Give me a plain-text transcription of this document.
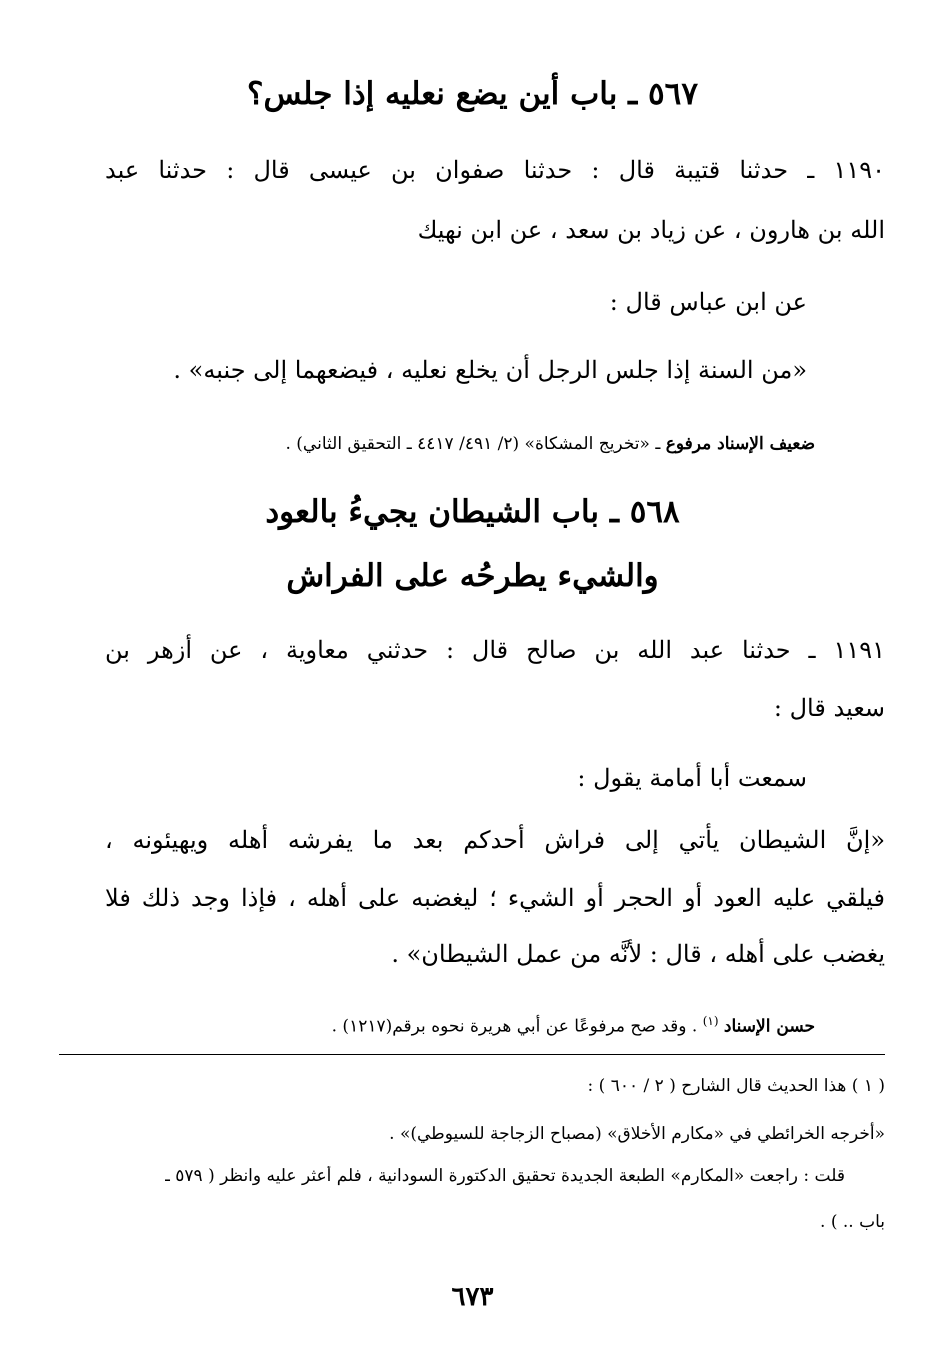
٥٦٧ ـ باب أين يضع نعليه إذا جلس؟
١١٩٠ ـ حدثنا قتيبة قال : حدثنا صفوان بن عيسى قال : حدثنا عبد
الله بن هارون ، عن زياد بن سعد ، عن ابن نهيك
عن ابن عباس قال :
«من السنة إذا جلس الرجل أن يخلع نعليه ، فيضعهما إلى جنبه» .
ضعيف الإسناد مرفوع ـ «تخريج المشكاة» (٢/ ٤٩١/ ٤٤١٧ ـ التحقيق الثاني) .
٥٦٨ ـ باب الشيطان يجيءُ بالعود
والشيء يطرحُه على الفراش
١١٩١ ـ حدثنا عبد الله بن صالح قال : حدثني معاوية ، عن أزهر بن
سعيد قال :
سمعت أبا أمامة يقول :
«إنَّ الشيطان يأتي إلى فراش أحدكم بعد ما يفرشه أهله ويهيئونه ،
فيلقي عليه العود أو الحجر أو الشيء ؛ ليغضبه على أهله ، فإذا وجد ذلك فلا
يغضب على أهله ، قال : لأنَّه من عمل الشيطان» .
حسن الإسناد $^{(١)}$ . وقد صح مرفوعًا عن أبي هريرة نحوه برقم(١٢١٧) .
( ١ ) هذا الحديث قال الشارح ( ٢ / ٦٠٠ ) :
«أخرجه الخرائطي في «مكارم الأخلاق» (مصباح الزجاجة للسيوطي)» .
قلت : راجعت «المكارم» الطبعة الجديدة تحقيق الدكتورة السودانية ، فلم أعثر عليه وانظر ( ٥٧٩ ـ
باب .. ) .
٦٧٣
